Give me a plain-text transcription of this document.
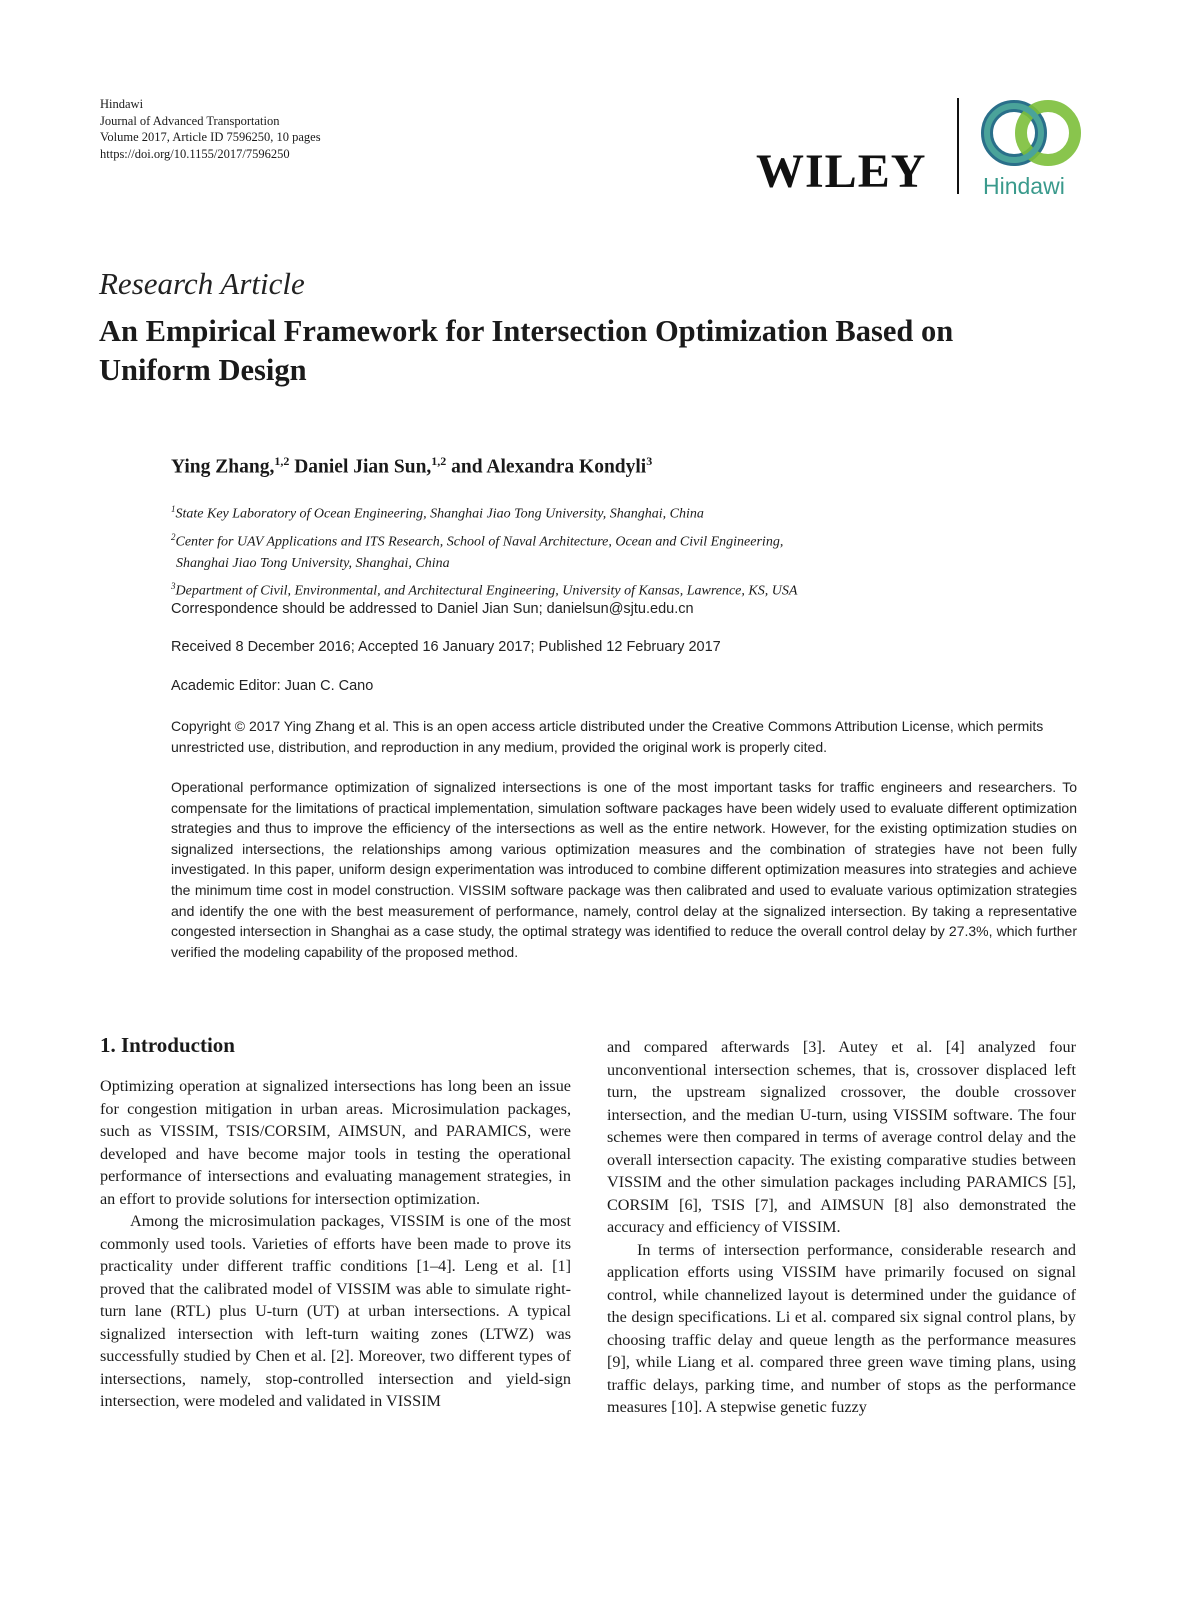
Hindawi
Journal of Advanced Transportation
Volume 2017, Article ID 7596250, 10 pages
https://doi.org/10.1155/2017/7596250	WILEY Hindawi
Research Article
An Empirical Framework for Intersection Optimization Based on Uniform Design
Ying Zhang,$^{1,2}$ Daniel Jian Sun,$^{1,2}$ and Alexandra Kondyli$^3$
$^1$State Key Laboratory of Ocean Engineering, Shanghai Jiao Tong University, Shanghai, China
$^2$Center for UAV Applications and ITS Research, School of Naval Architecture, Ocean and Civil Engineering,
Shanghai Jiao Tong University, Shanghai, China
$^3$Department of Civil, Environmental, and Architectural Engineering, University of Kansas, Lawrence, KS, USA
Correspondence should be addressed to Daniel Jian Sun; danielsun@sjtu.edu.cn
Received 8 December 2016; Accepted 16 January 2017; Published 12 February 2017
Academic Editor: Juan C. Cano
Copyright © 2017 Ying Zhang et al. This is an open access article distributed under the Creative Commons Attribution License, which permits unrestricted use, distribution, and reproduction in any medium, provided the original work is properly cited.
Operational performance optimization of signalized intersections is one of the most important tasks for traffic engineers and researchers. To compensate for the limitations of practical implementation, simulation software packages have been widely used to evaluate different optimization strategies and thus to improve the efficiency of the intersections as well as the entire network. However, for the existing optimization studies on signalized intersections, the relationships among various optimization measures and the combination of strategies have not been fully investigated. In this paper, uniform design experimentation was introduced to combine different optimization measures into strategies and achieve the minimum time cost in model construction. VISSIM software package was then calibrated and used to evaluate various optimization strategies and identify the one with the best measurement of performance, namely, control delay at the signalized intersection. By taking a representative congested intersection in Shanghai as a case study, the optimal strategy was identified to reduce the overall control delay by 27.3%, which further verified the modeling capability of the proposed method.
1. Introduction

Optimizing operation at signalized intersections has long been an issue for congestion mitigation in urban areas. Microsimulation packages, such as VISSIM, TSIS/CORSIM, AIMSUN, and PARAMICS, were developed and have become major tools in testing the operational performance of intersections and evaluating management strategies, in an effort to provide solutions for intersection optimization.

Among the microsimulation packages, VISSIM is one of the most commonly used tools. Varieties of efforts have been made to prove its practicality under different traffic conditions [1–4]. Leng et al. [1] proved that the calibrated model of VISSIM was able to simulate right-turn lane (RTL) plus U-turn (UT) at urban intersections. A typical signalized intersection with left-turn waiting zones (LTWZ) was successfully studied by Chen et al. [2]. Moreover, two different types of intersections, namely, stop-controlled intersection and yield-sign intersection, were modeled and validated in VISSIM

and compared afterwards [3]. Autey et al. [4] analyzed four unconventional intersection schemes, that is, crossover displaced left turn, the upstream signalized crossover, the double crossover intersection, and the median U-turn, using VISSIM software. The four schemes were then compared in terms of average control delay and the overall intersection capacity. The existing comparative studies between VISSIM and the other simulation packages including PARAMICS [5], CORSIM [6], TSIS [7], and AIMSUN [8] also demonstrated the accuracy and efficiency of VISSIM.

In terms of intersection performance, considerable research and application efforts using VISSIM have primarily focused on signal control, while channelized layout is determined under the guidance of the design specifications. Li et al. compared six signal control plans, by choosing traffic delay and queue length as the performance measures [9], while Liang et al. compared three green wave timing plans, using traffic delays, parking time, and number of stops as the performance measures [10]. A stepwise genetic fuzzy
